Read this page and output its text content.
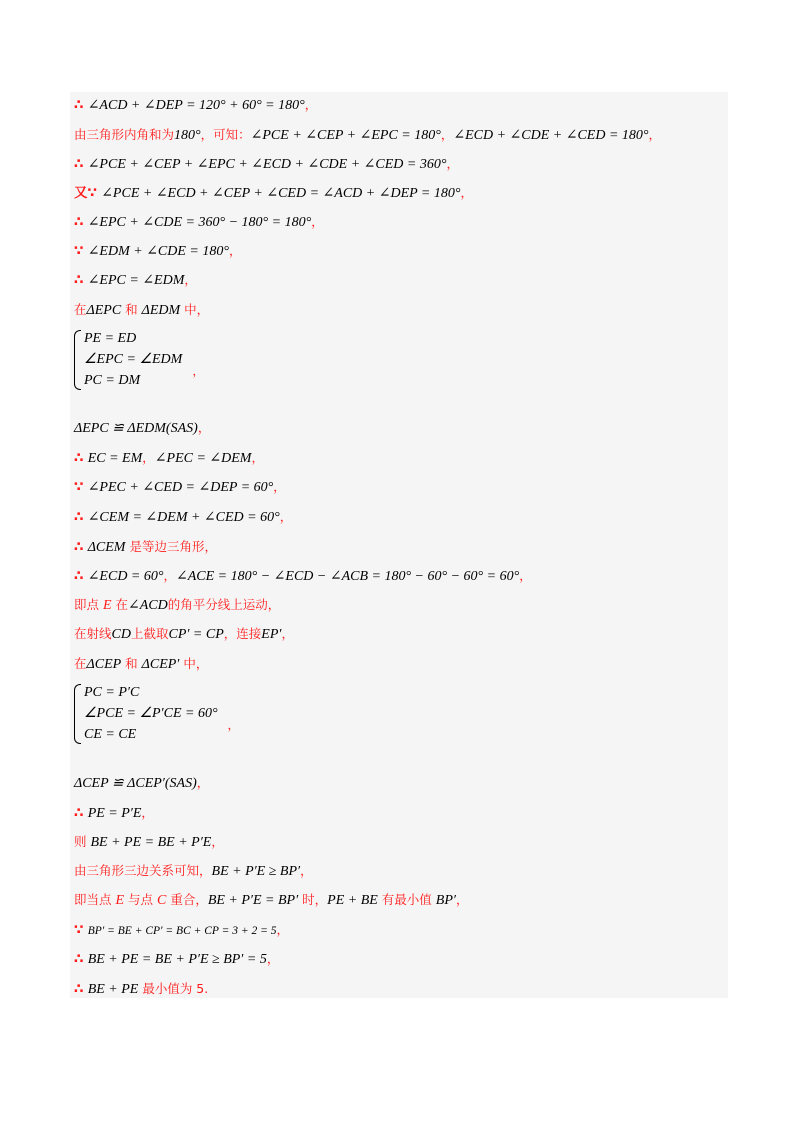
∴ ∠ACD + ∠DEP = 120° + 60° = 180°，
由三角形内角和为180°，可知：∠PCE + ∠CEP + ∠EPC = 180°，∠ECD + ∠CDE + ∠CED = 180°，
∴ ∠PCE + ∠CEP + ∠EPC + ∠ECD + ∠CDE + ∠CED = 360°，
又∵ ∠PCE + ∠ECD + ∠CEP + ∠CED = ∠ACD + ∠DEP = 180°，
∴ ∠EPC + ∠CDE = 360° − 180° = 180°，
∵ ∠EDM + ∠CDE = 180°，
∴ ∠EPC = ∠EDM，
在ΔEPC 和 ΔEDM 中，
PE = ED
∠EPC = ∠EDM
PC = DM
，
ΔEPC ≌ ΔEDM(SAS)，
∴ EC = EM，∠PEC = ∠DEM，
∵ ∠PEC + ∠CED = ∠DEP = 60°，
∴ ∠CEM = ∠DEM + ∠CED = 60°，
∴ ΔCEM 是等边三角形，
∴ ∠ECD = 60°，∠ACE = 180° − ∠ECD − ∠ACB = 180° − 60° − 60° = 60°，
即点 E 在∠ACD的角平分线上运动，
在射线CD上截取CP′ = CP，连接EP′，
在ΔCEP 和 ΔCEP′ 中，
PC = P′C
∠PCE = ∠P′CE = 60°
CE = CE
，
ΔCEP ≌ ΔCEP′(SAS)，
∴ PE = P′E，
则 BE + PE = BE + P′E，
由三角形三边关系可知，BE + P′E ≥ BP′，
即当点 E 与点 C 重合，BE + P′E = BP′ 时，PE + BE 有最小值 BP′，
∵ BP′ = BE + CP′ = BC + CP = 3 + 2 = 5，
∴ BE + PE = BE + P′E ≥ BP′ = 5，
∴ BE + PE 最小值为 5.
